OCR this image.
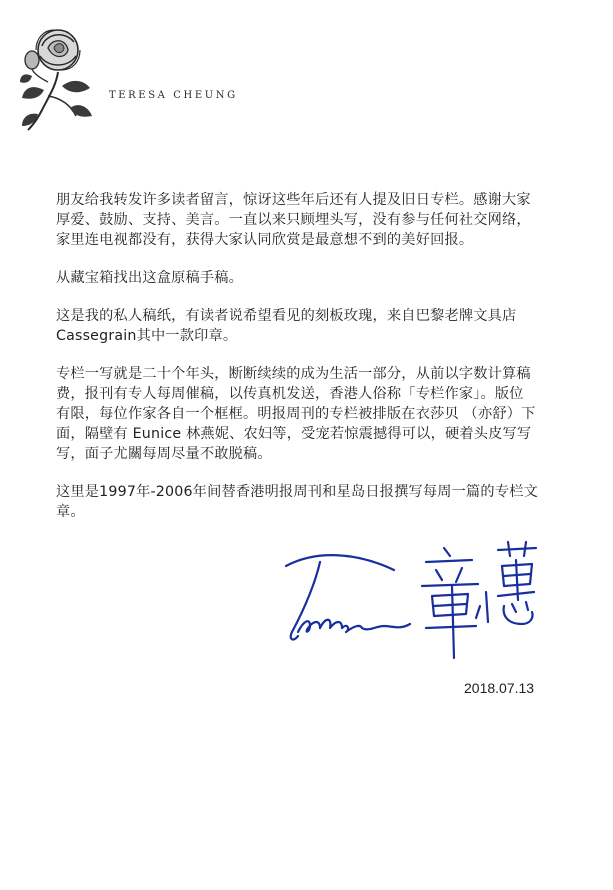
TERESA CHEUNG

朋友给我转发许多读者留言，惊讶这些年后还有人提及旧日专栏。感谢大家
厚爱、鼓励、支持、美言。一直以来只顾埋头写，没有参与任何社交网络，
家里连电视都没有，获得大家认同欣赏是最意想不到的美好回报。

从藏宝箱找出这盒原稿手稿。

这是我的私人稿纸，有读者说希望看见的刻板玫瑰，来自巴黎老牌文具店
Cassegrain其中一款印章。

专栏一写就是二十个年头，断断续续的成为生活一部分，从前以字数计算稿
费，报刊有专人每周催稿，以传真机发送，香港人俗称「专栏作家」。版位
有限，每位作家各自一个框框。明报周刊的专栏被排版在衣莎贝 （亦舒）下
面，隔壁有 Eunice 林燕妮、农妇等，受宠若惊震撼得可以，硬着头皮写写
写，面子尤關每周尽量不敢脱稿。

这里是1997年-2006年间替香港明报周刊和星岛日报撰写每周一篇的专栏文
章。

2018.07.13
